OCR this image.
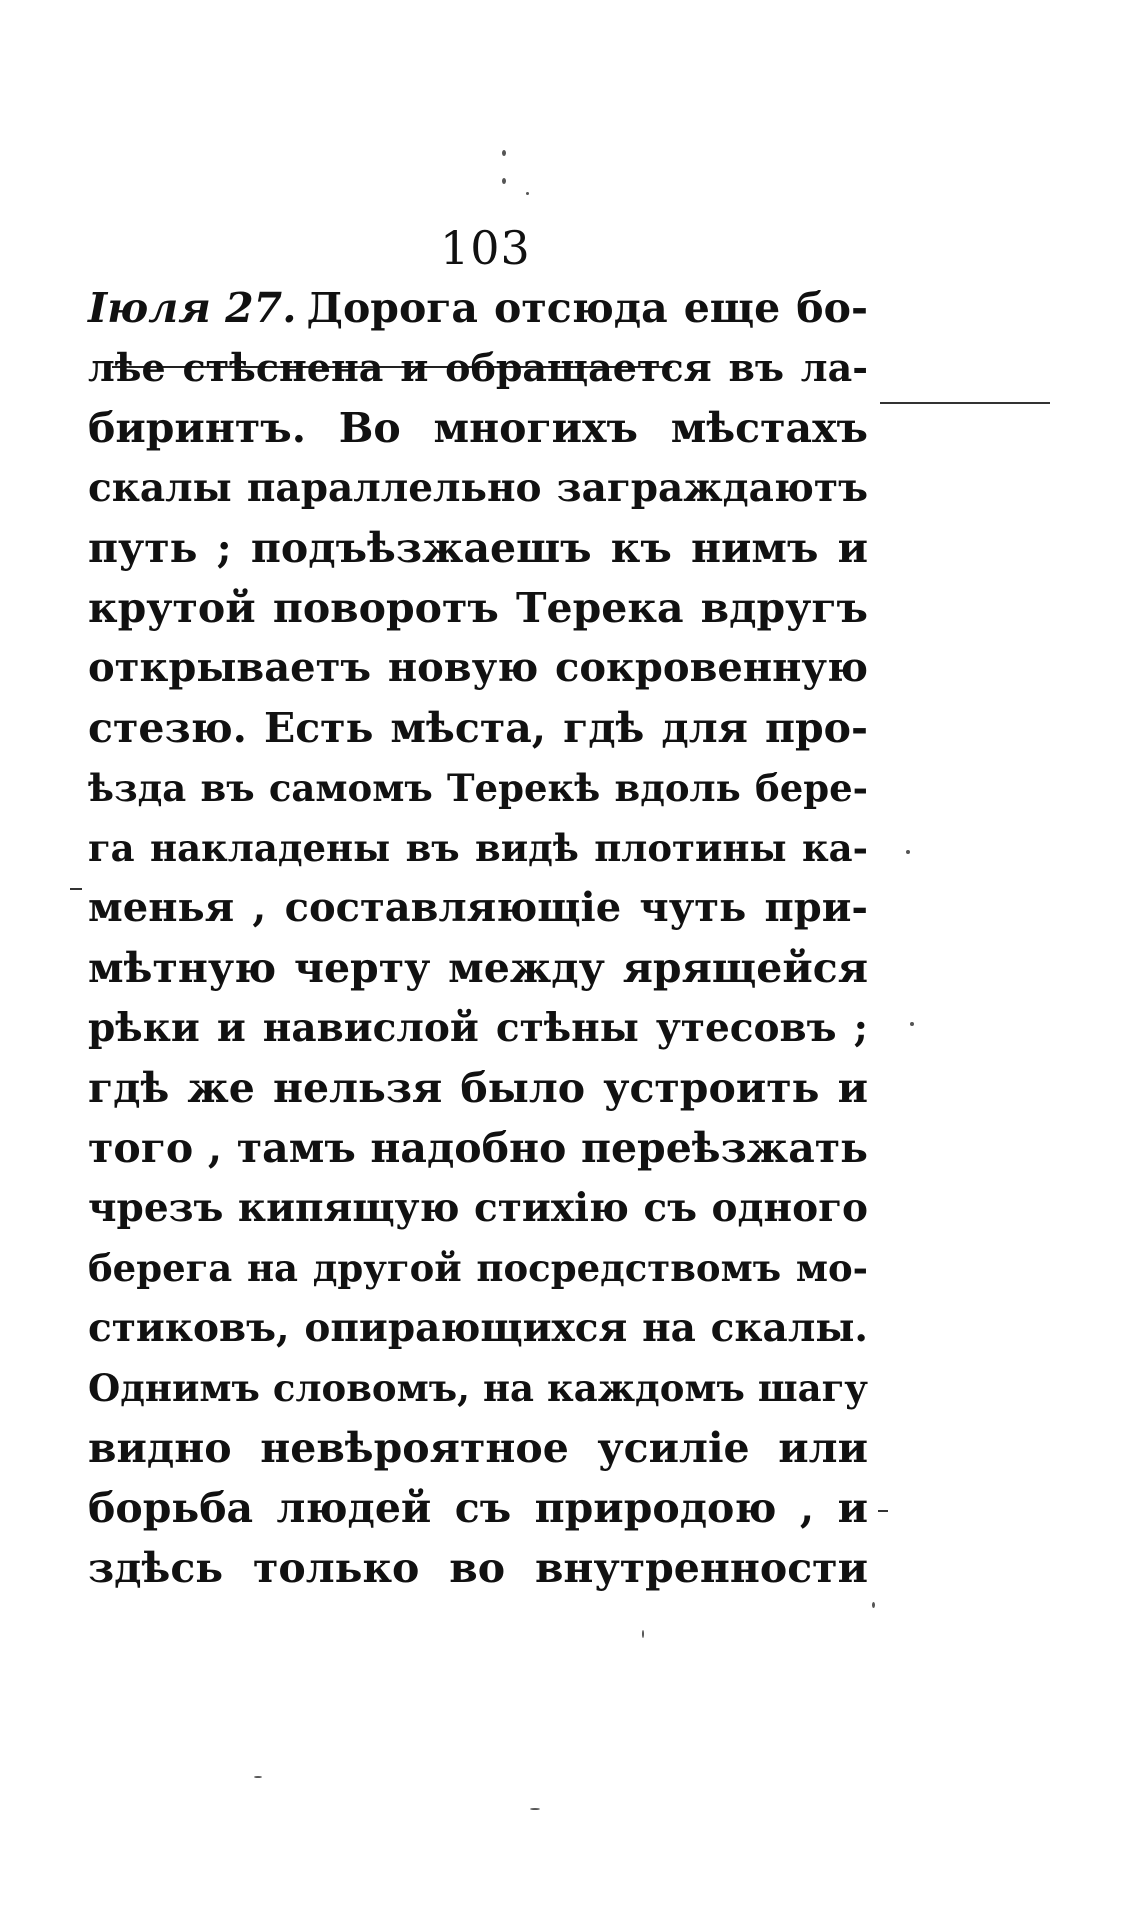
103
Іюля 27. Дорога отсюда еще бо-
лѣе стѣснена и обращается въ ла-
биринтъ. Во многихъ мѣстахъ
скалы параллельно заграждаютъ
путь ; подъѣзжаешъ къ нимъ и
крутой поворотъ Терека вдругъ
открываетъ новую сокровенную
стезю. Есть мѣста, гдѣ для про-
ѣзда въ самомъ Терекѣ вдоль бере-
га накладены въ видѣ плотины ка-
менья , составляющіе чуть при-
мѣтную черту между ярящейся
рѣки и навислой стѣны утесовъ ;
гдѣ же нельзя было устроить и
того , тамъ надобно переѣзжать
чрезъ кипящую стихію съ одного
берега на другой посредствомъ мо-
стиковъ, опирающихся на скалы.
Однимъ словомъ, на каждомъ шагу
видно невѣроятное усиліе или
борьба людей съ природою , и
здѣсь только во внутренности
